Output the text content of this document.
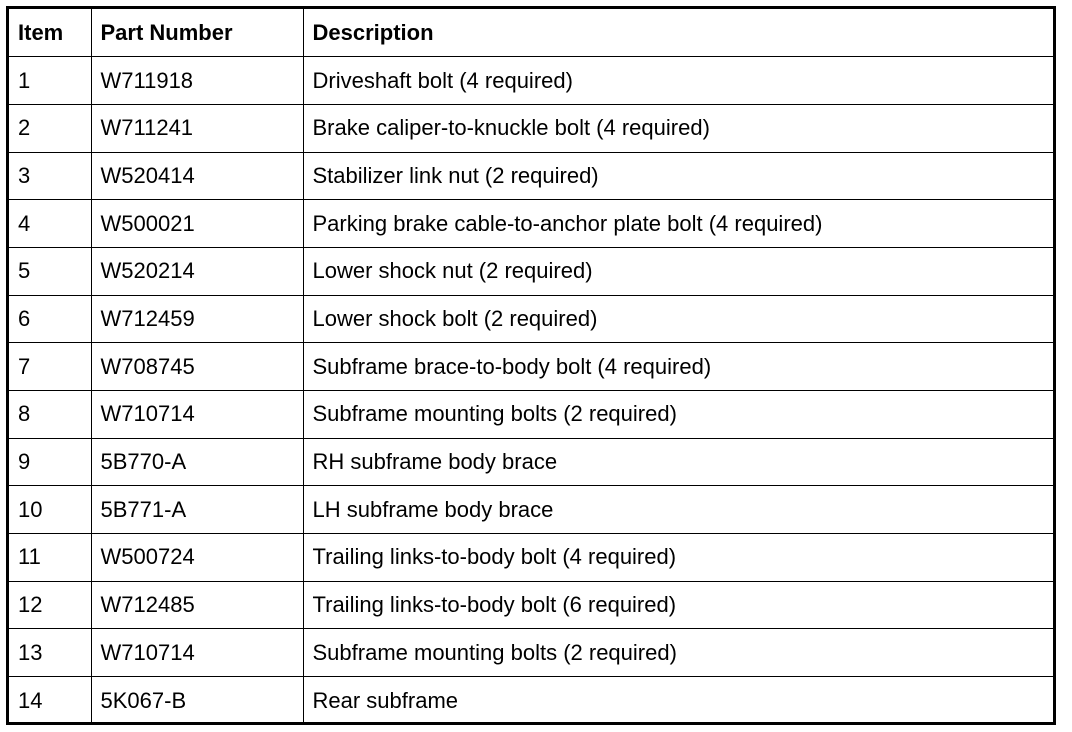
Item	Part Number	Description
1	W711918	Driveshaft bolt (4 required)
2	W711241	Brake caliper-to-knuckle bolt (4 required)
3	W520414	Stabilizer link nut (2 required)
4	W500021	Parking brake cable-to-anchor plate bolt (4 required)
5	W520214	Lower shock nut (2 required)
6	W712459	Lower shock bolt (2 required)
7	W708745	Subframe brace-to-body bolt (4 required)
8	W710714	Subframe mounting bolts (2 required)
9	5B770-A	RH subframe body brace
10	5B771-A	LH subframe body brace
11	W500724	Trailing links-to-body bolt (4 required)
12	W712485	Trailing links-to-body bolt (6 required)
13	W710714	Subframe mounting bolts (2 required)
14	5K067-B	Rear subframe
